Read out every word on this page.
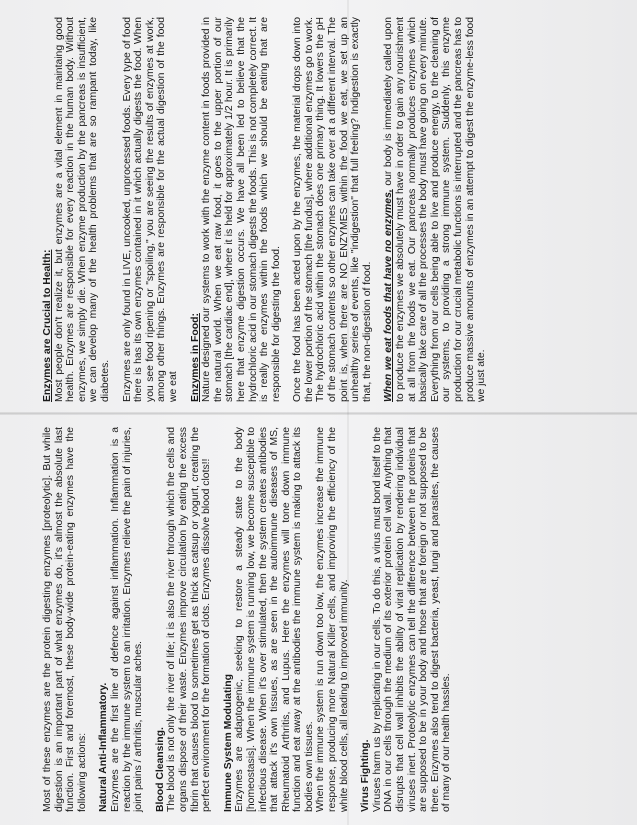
Enzymes are Crucial to Health: Most people don't realize it, but enzymes are a vital element in maintaing good health. Enzymes are responsible for every reaction in the human body. Without enzymes, we simply die. When enzyme production by the pancreas is insufficient, we can develop many of the health problems that are so rampant today, like diabetes. Enzymes are only found in LIVE, uncooked, unprocessed foods. Every type of food there is has its own enzymes contained in it which actually digests the food. When you see food ripening or "spoiling," you are seeing the results of enzymes at work, among other things. Enzymes are responsible for the actual digestion of the food we eat Enzymes in Food: Nature designed our systems to work with the enzyme content in foods provided in the natural world. When we eat raw food, it goes to the upper portion of our stomach [the cardiac end], where it is held for approximately 1/2 hour. It is primarily here that enzyme digestion occurs. We have all been led to believe that the hydrochloric acid in our stomach digests the foods. This is not completely correct. It is really the enzymes within the foods which we should be eating that are responsible for digesting the food. Once the food has been acted upon by the enzymes, the material drops down into the lower portion of the stomach [the fundus], where additional enzymes go to work. The hydrochloric acid within the stomach does one primary thing. It lowers the pH of the stomach contents so other enzymes can take over at a different interval. The point is, when there are NO ENZYMES within the food we eat, we set up an unhealthy series of events, like "indigestion" that full feeling? Indigestion is exactly that, the non-digestion of food. When we eat foods that have no enzymes, our body is immediately called upon to produce the enzymes we absolutely must have in order to gain any nourishment at all from the foods we eat. Our pancreas normally produces enzymes which basically take care of all the processes the body must have going on every minute. Everything from our cells being able to live and produce energy, to the cleaning of our systems, to providing a strong immune system. Suddenly, this enzyme production for our crucial metabolic functions is interrupted and the pancreas has to produce massive amounts of enzymes in an attempt to digest the enzyme-less food we just ate.

Most of these enzymes are the protein digesting enzymes [proteolytic]. But while digestion is an important part of what enzymes do, it's almost the absolute last function. First and foremost, these body-wide protein-eating enzymes have the following actions: Natural Anti-Inflammatory. Enzymes are the first line of defence against inflammation. Inflammation is a reaction by the immune system to an irritation. Enzymes relieve the pain of injuries, joint pains / arthritis, muscular aches. Blood Cleansing. The blood is not only the river of life; it is also the river through which the cells and organs dispose of their waste. Enzymes improve circulation by eating the excess fibrin that causes blood to sometimes get as thick as catsup or yogurt, creating the perfect environment for the formation of clots. Enzymes dissolve blood clots!! Immune System Modulating Enzymes are adaptogenic, seeking to restore a steady state to the body [homeostasis]. When the immune system is running low, we become susceptible to infectious disease. When it's over stimulated, then the system creates antibodies that attack it's own tissues, as are seen in the autoimmune diseases of MS, Rheumatoid Arthritis, and Lupus. Here the enzymes will tone down immune function and eat away at the antibodies the immune system is making to attack its bodies own tissues. When the immune system is run down too low, the enzymes increase the immune response, producing more Natural Killer cells, and improving the efficiency of the white blood cells, all leading to improved immunity. Virus Fighting. Viruses harm us by replicating in our cells. To do this, a virus must bond itself to the DNA in our cells through the medium of its exterior protein cell wall. Anything that disrupts that cell wall inhibits the ability of viral replication by rendering individual viruses inert. Proteolytic enzymes can tell the difference between the proteins that are supposed to be in your body and those that are foreign or not supposed to be there. Enzymes also tend to digest bacteria, yeast, fungi and parasites, the causes of many of our health hassles.
